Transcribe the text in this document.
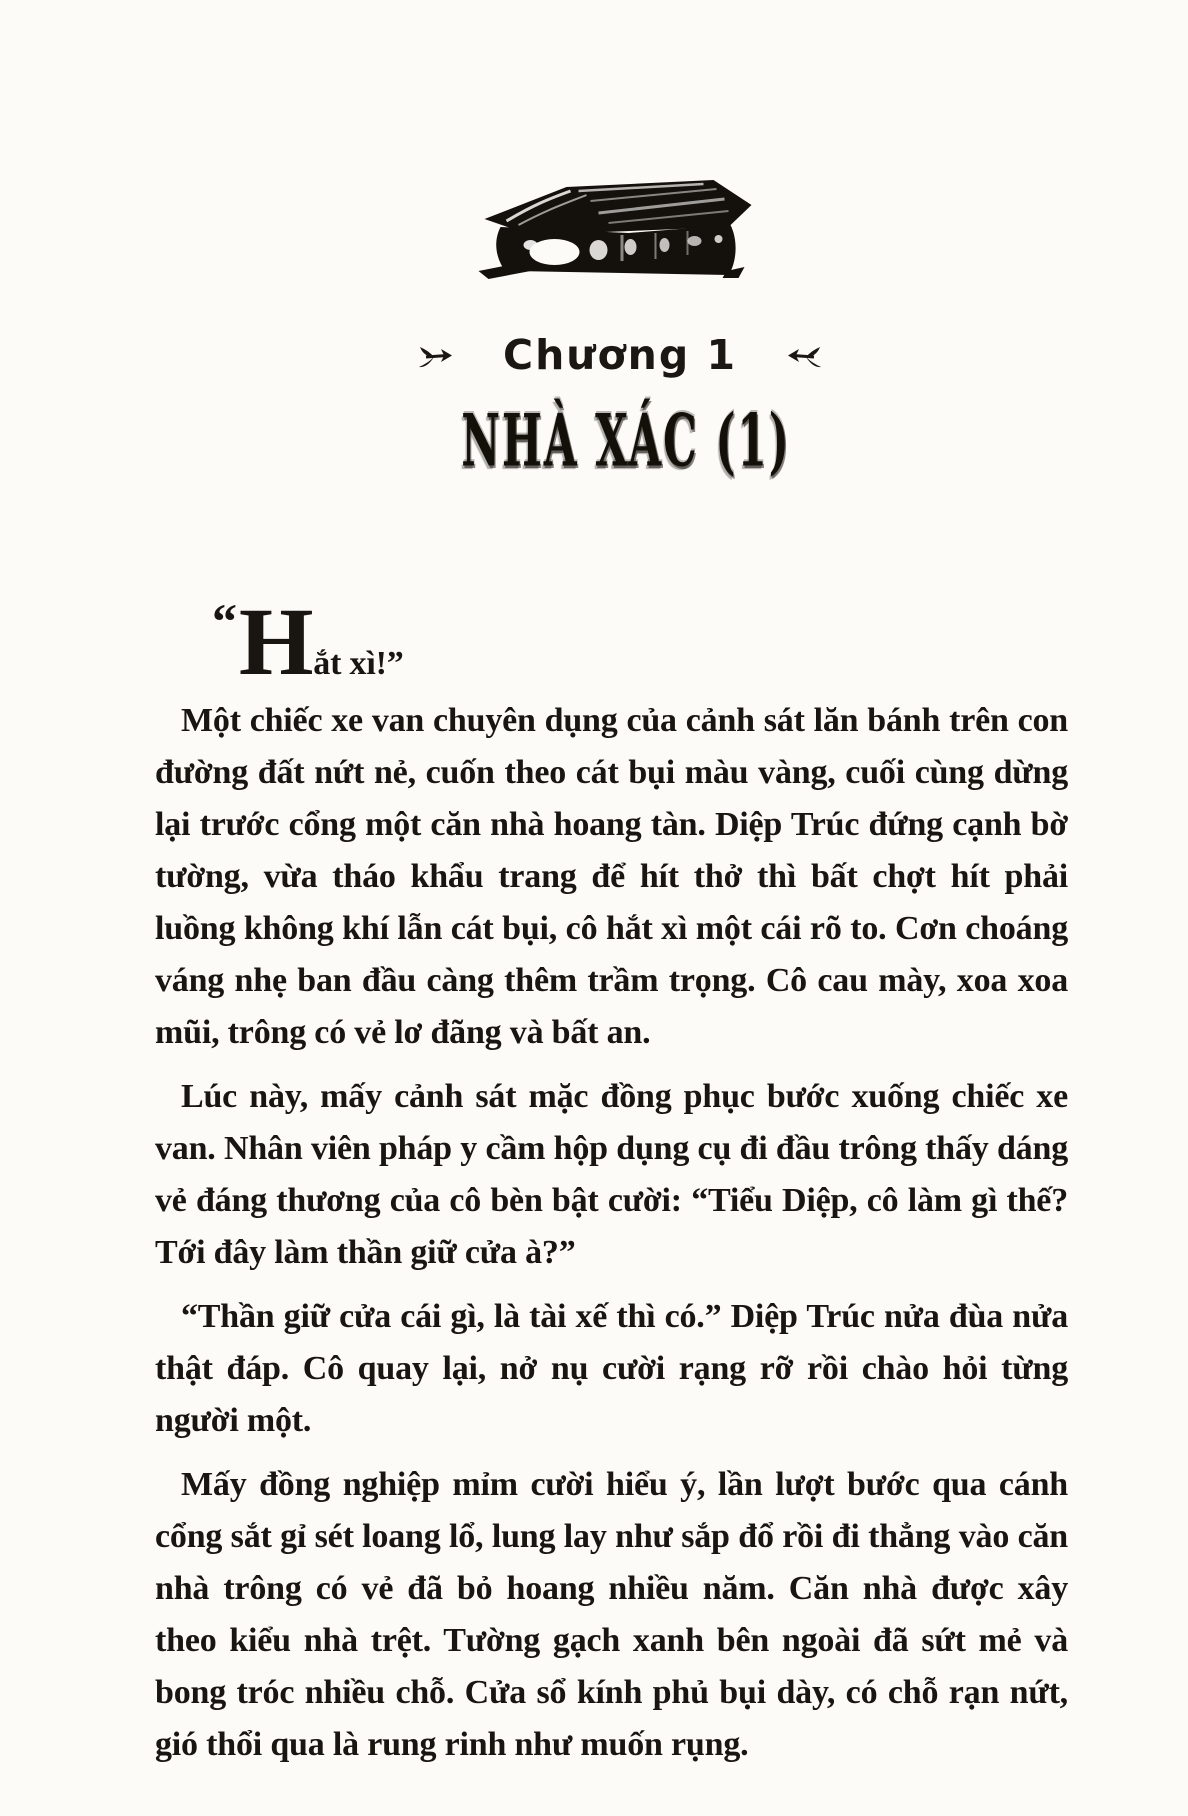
Chương 1
NHÀ XÁC (1)

“Hắt xì!”

Một chiếc xe van chuyên dụng của cảnh sát lăn bánh trên con đường đất nứt nẻ, cuốn theo cát bụi màu vàng, cuối cùng dừng lại trước cổng một căn nhà hoang tàn. Diệp Trúc đứng cạnh bờ tường, vừa tháo khẩu trang để hít thở thì bất chợt hít phải luồng không khí lẫn cát bụi, cô hắt xì một cái rõ to. Cơn choáng váng nhẹ ban đầu càng thêm trầm trọng. Cô cau mày, xoa xoa mũi, trông có vẻ lơ đãng và bất an.

Lúc này, mấy cảnh sát mặc đồng phục bước xuống chiếc xe van. Nhân viên pháp y cầm hộp dụng cụ đi đầu trông thấy dáng vẻ đáng thương của cô bèn bật cười: “Tiểu Diệp, cô làm gì thế? Tới đây làm thần giữ cửa à?”

“Thần giữ cửa cái gì, là tài xế thì có.” Diệp Trúc nửa đùa nửa thật đáp. Cô quay lại, nở nụ cười rạng rỡ rồi chào hỏi từng người một.

Mấy đồng nghiệp mỉm cười hiểu ý, lần lượt bước qua cánh cổng sắt gỉ sét loang lổ, lung lay như sắp đổ rồi đi thẳng vào căn nhà trông có vẻ đã bỏ hoang nhiều năm. Căn nhà được xây theo kiểu nhà trệt. Tường gạch xanh bên ngoài đã sứt mẻ và bong tróc nhiều chỗ. Cửa sổ kính phủ bụi dày, có chỗ rạn nứt, gió thổi qua là rung rinh như muốn rụng.
